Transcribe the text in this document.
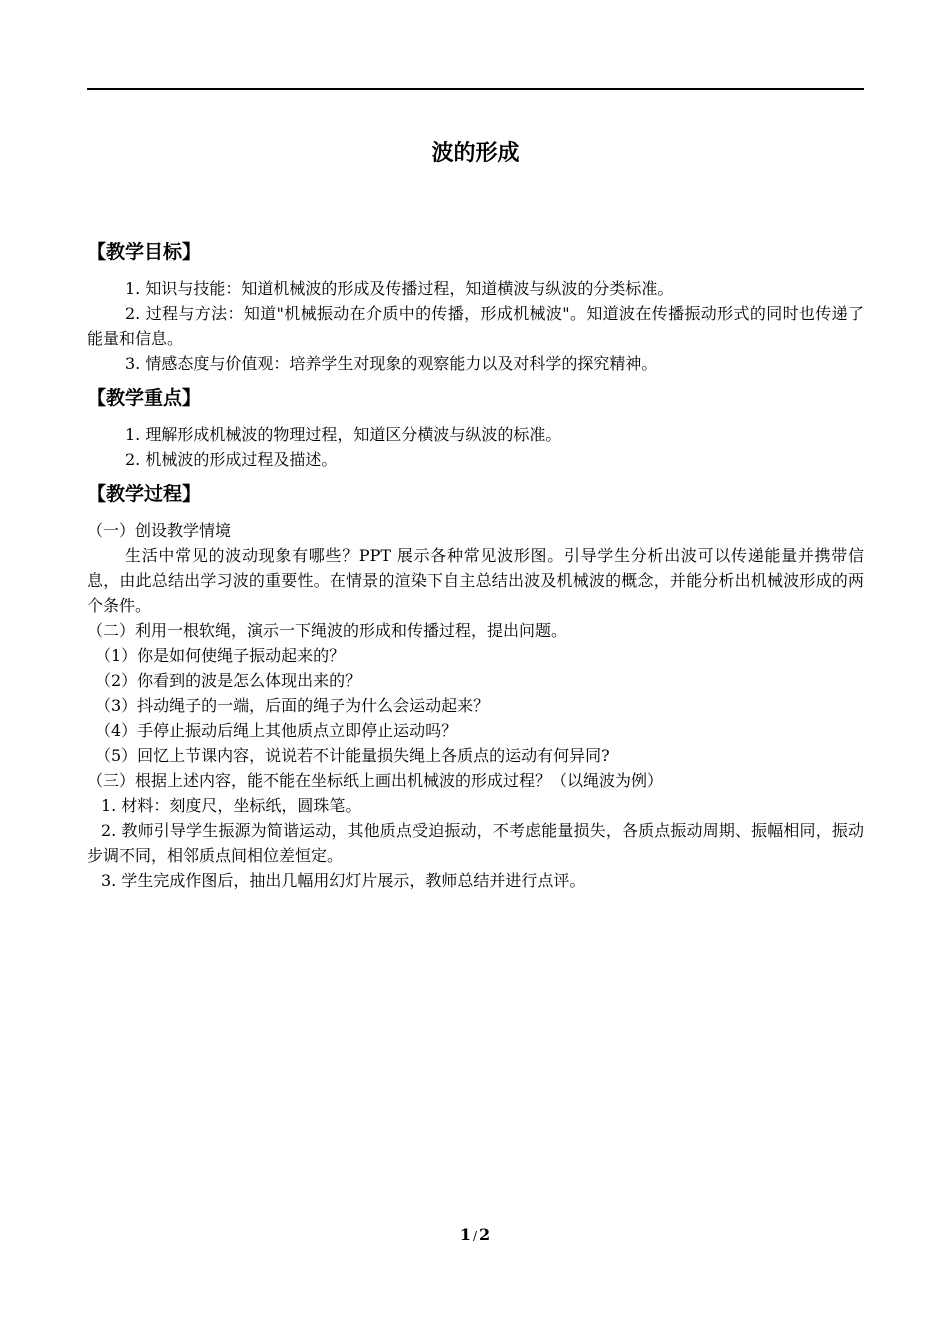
波的形成
【教学目标】

1. 知识与技能：知道机械波的形成及传播过程，知道横波与纵波的分类标准。

2. 过程与方法：知道"机械振动在介质中的传播，形成机械波"。知道波在传播振动形式的同时也传递了能量和信息。

3. 情感态度与价值观：培养学生对现象的观察能力以及对科学的探究精神。

【教学重点】

1. 理解形成机械波的物理过程，知道区分横波与纵波的标准。

2. 机械波的形成过程及描述。

【教学过程】

（一）创设教学情境

生活中常见的波动现象有哪些？PPT 展示各种常见波形图。引导学生分析出波可以传递能量并携带信息，由此总结出学习波的重要性。在情景的渲染下自主总结出波及机械波的概念，并能分析出机械波形成的两个条件。

（二）利用一根软绳，演示一下绳波的形成和传播过程，提出问题。

（1）你是如何使绳子振动起来的？

（2）你看到的波是怎么体现出来的？

（3）抖动绳子的一端，后面的绳子为什么会运动起来？

（4）手停止振动后绳上其他质点立即停止运动吗？

（5）回忆上节课内容，说说若不计能量损失绳上各质点的运动有何异同?

（三）根据上述内容，能不能在坐标纸上画出机械波的形成过程？（以绳波为例）

1. 材料：刻度尺，坐标纸，圆珠笔。

2. 教师引导学生振源为简谐运动，其他质点受迫振动，不考虑能量损失，各质点振动周期、振幅相同，振动步调不同，相邻质点间相位差恒定。

3. 学生完成作图后，抽出几幅用幻灯片展示，教师总结并进行点评。

1 / 2
